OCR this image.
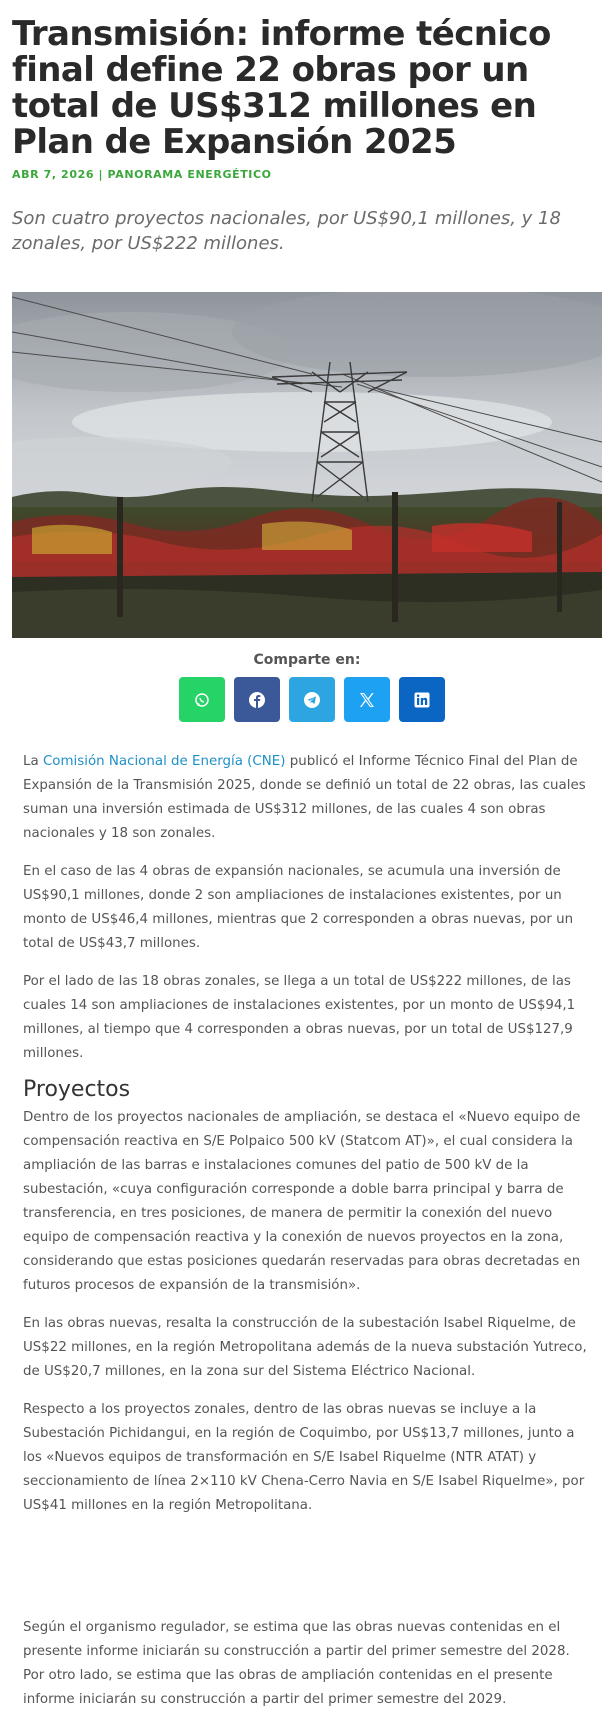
Transmisión: informe técnico final define 22 obras por un total de US$312 millones en Plan de Expansión 2025
ABR 7, 2026 | PANORAMA ENERGÉTICO
Son cuatro proyectos nacionales, por US$90,1 millones, y 18 zonales, por US$222 millones.
Comparte en:

La Comisión Nacional de Energía (CNE) publicó el Informe Técnico Final del Plan de Expansión de la Transmisión 2025, donde se definió un total de 22 obras, las cuales suman una inversión estimada de US$312 millones, de las cuales 4 son obras nacionales y 18 son zonales.

En el caso de las 4 obras de expansión nacionales, se acumula una inversión de US$90,1 millones, donde 2 son ampliaciones de instalaciones existentes, por un monto de US$46,4 millones, mientras que 2 corresponden a obras nuevas, por un total de US$43,7 millones.

Por el lado de las 18 obras zonales, se llega a un total de US$222 millones, de las cuales 14 son ampliaciones de instalaciones existentes, por un monto de US$94,1 millones, al tiempo que 4 corresponden a obras nuevas, por un total de US$127,9 millones.

Proyectos

Dentro de los proyectos nacionales de ampliación, se destaca el «Nuevo equipo de compensación reactiva en S/E Polpaico 500 kV (Statcom AT)», el cual considera la ampliación de las barras e instalaciones comunes del patio de 500 kV de la subestación, «cuya configuración corresponde a doble barra principal y barra de transferencia, en tres posiciones, de manera de permitir la conexión del nuevo equipo de compensación reactiva y la conexión de nuevos proyectos en la zona, considerando que estas posiciones quedarán reservadas para obras decretadas en futuros procesos de expansión de la transmisión».

En las obras nuevas, resalta la construcción de la subestación Isabel Riquelme, de US$22 millones, en la región Metropolitana además de la nueva substación Yutreco, de US$20,7 millones, en la zona sur del Sistema Eléctrico Nacional.

Respecto a los proyectos zonales, dentro de las obras nuevas se incluye a la Subestación Pichidangui, en la región de Coquimbo, por US$13,7 millones, junto a los «Nuevos equipos de transformación en S/E Isabel Riquelme (NTR ATAT) y seccionamiento de línea 2×110 kV Chena-Cerro Navia en S/E Isabel Riquelme», por US$41 millones en la región Metropolitana.

Según el organismo regulador, se estima que las obras nuevas contenidas en el presente informe iniciarán su construcción a partir del primer semestre del 2028. Por otro lado, se estima que las obras de ampliación contenidas en el presente informe iniciarán su construcción a partir del primer semestre del 2029.
